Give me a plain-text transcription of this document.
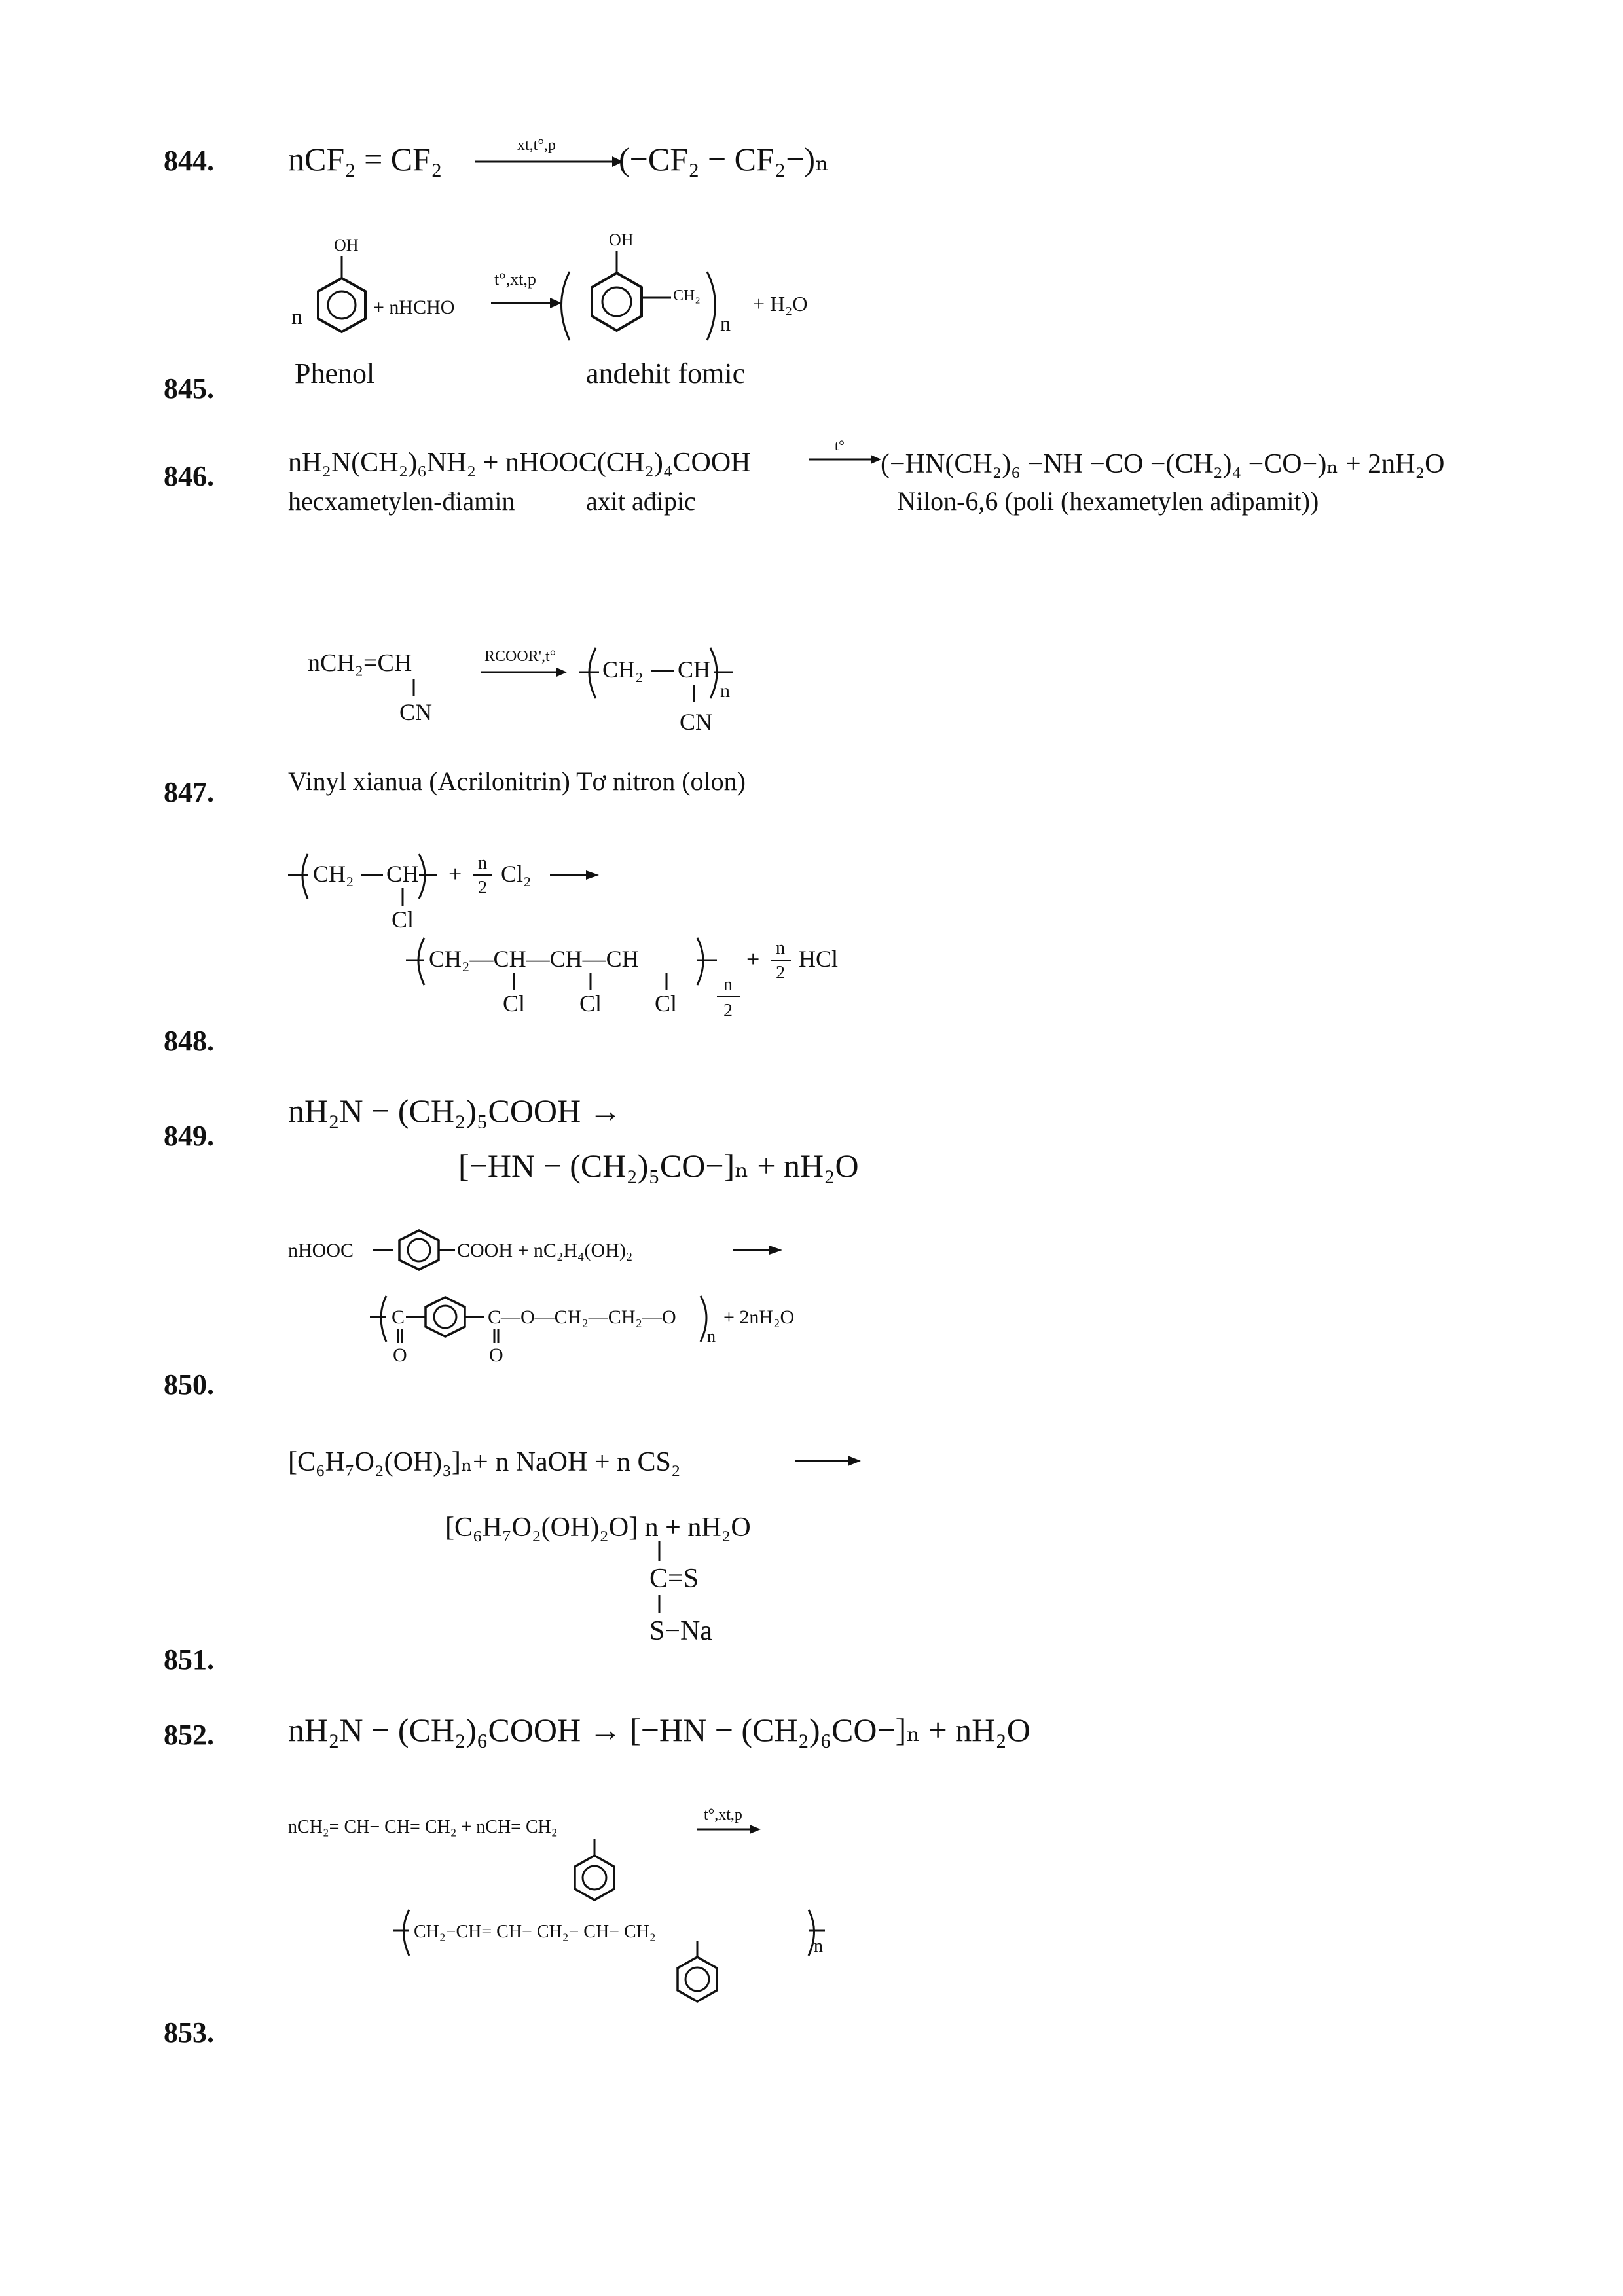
844. nCF₂ = CF₂	xt,t°,p (−CF₂ − CF₂−)ₙ
OH
n	+ nHCHO
t°,xt,p
OH
CH₂
n
+ H₂O
845.	Phenol	andehit fomic
846.	nH₂N(CH₂)₆NH₂ + nHOOC(CH₂)₄COOH
t°
(−HN(CH₂)₆ −NH −CO −(CH₂)₄ −CO−)ₙ + 2nH₂O
hecxametylen-điamin	axit ađipic	Nilon-6,6 (poli (hexametylen ađipamit))
nCH₂=CH
CN
RCOOR',t° CH₂ CH
CN
n
847.	Vinyl xianua (Acrilonitrin) Tơ nitron (olon)
CH₂ CH
Cl
+ n
2
Cl₂
CH₂—CH—CH—CH
Cl Cl Cl
n
2
+ n
2
HCl
848.
nH₂N − (CH₂)₅COOH →
849.
[−HN − (CH₂)₅CO−]ₙ + nH₂O
nHOOC	COOH + nC₂H₄(OH)₂
C
O
C—O—CH₂—CH₂—O
O
n
+ 2nH₂O
850.
[C₆H₇O₂(OH)₃]ₙ+ n NaOH + n CS₂
[C₆H₇O₂(OH)₂O] n + nH₂O
C=S
S−Na
851.
852. nH₂N − (CH₂)₆COOH → [−HN − (CH₂)₆CO−]ₙ + nH₂O
nCH₂= CH− CH= CH₂ + nCH= CH₂
t°,xt,p
CH₂−CH= CH− CH₂− CH− CH₂
n
853.
